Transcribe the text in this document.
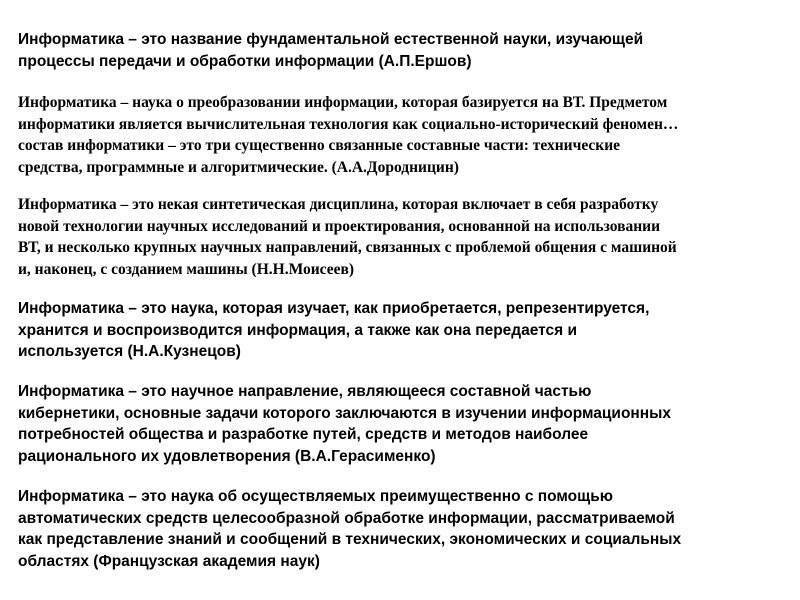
Информатика – это название фундаментальной естественной науки, изучающей
процессы передачи и обработки информации (А.П.Ершов)

Информатика – наука о преобразовании информации, которая базируется на ВТ. Предметом
информатики является вычислительная технология как социально-исторический феномен…
состав информатики – это три существенно связанные составные части: технические
средства, программные и алгоритмические. (А.А.Дородницин)

Информатика – это некая синтетическая дисциплина, которая включает в себя разработку
новой технологии научных исследований и проектирования, основанной на использовании
ВТ, и несколько крупных научных направлений, связанных с проблемой общения с машиной
и, наконец, с созданием машины (Н.Н.Моисеев)

Информатика – это наука, которая изучает, как приобретается, репрезентируется,
хранится и воспроизводится информация, а также как она передается и
используется (Н.А.Кузнецов)

Информатика – это научное направление, являющееся составной частью
кибернетики, основные задачи которого заключаются в изучении информационных
потребностей общества и разработке путей, средств и методов наиболее
рационального их удовлетворения (В.А.Герасименко)

Информатика – это наука об осуществляемых преимущественно с помощью
автоматических средств целесообразной обработке информации, рассматриваемой
как представление знаний и сообщений в технических, экономических и социальных
областях (Французская академия наук)
